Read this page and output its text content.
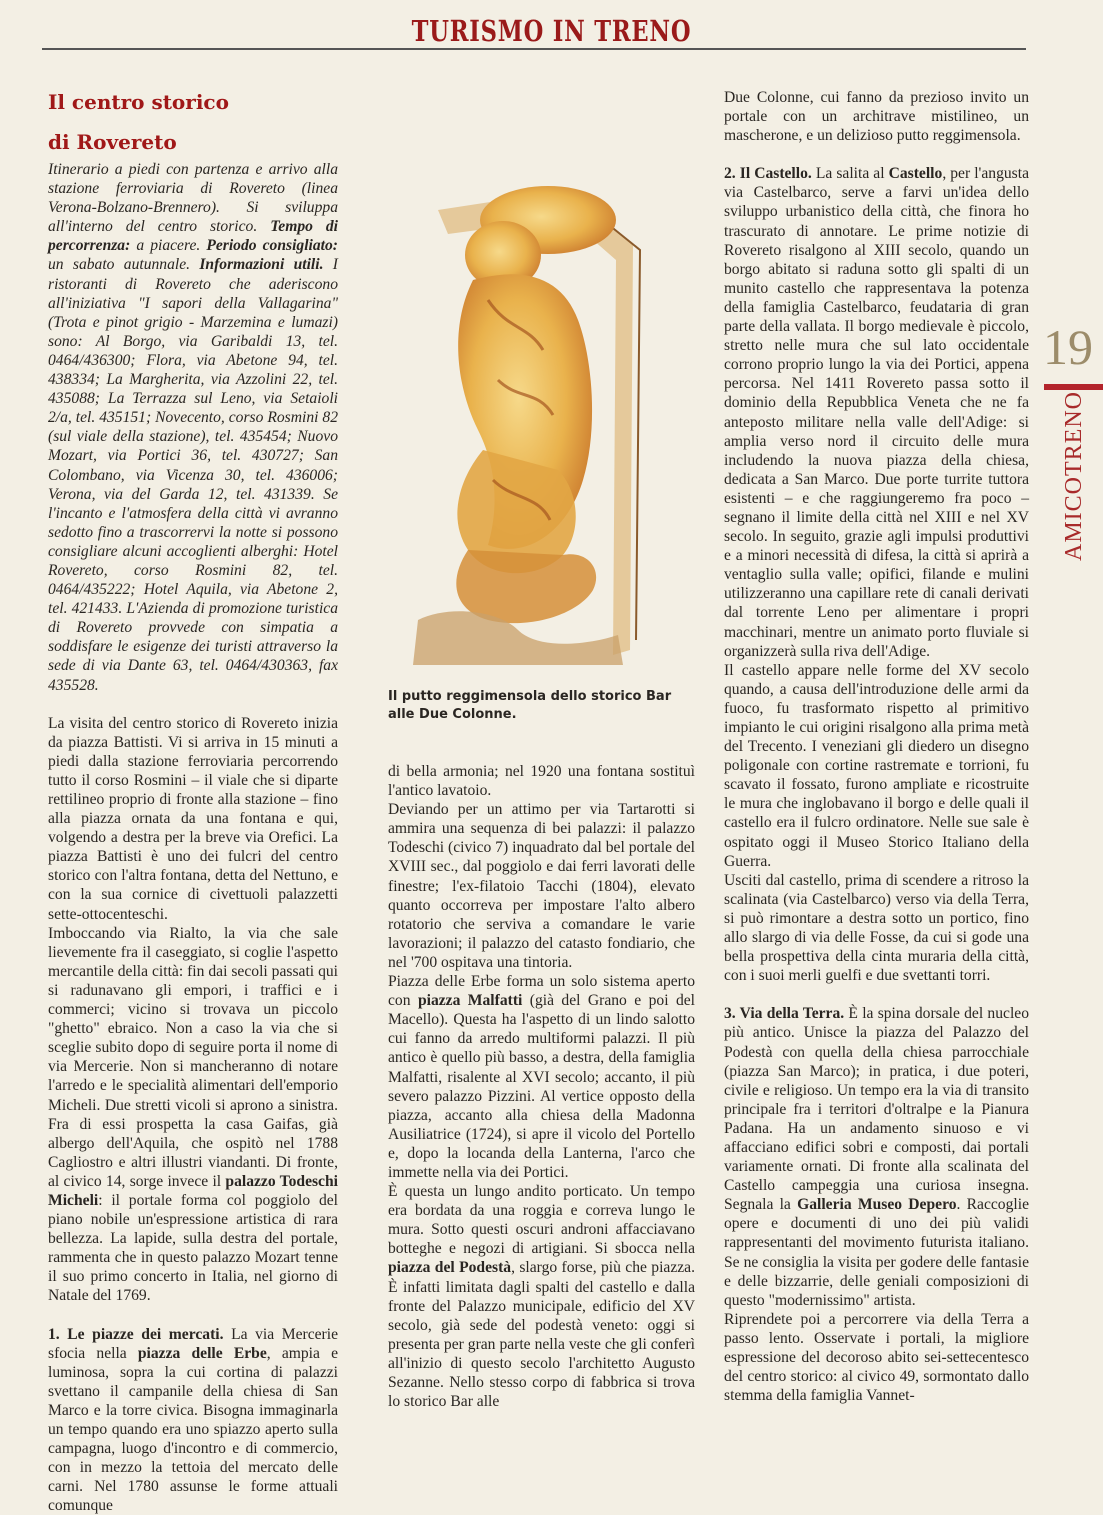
TURISMO IN TRENO
Il centro storico
di Rovereto

Itinerario a piedi con partenza e arrivo alla stazione ferroviaria di Rovereto (linea Verona-Bolzano-Brennero). Si sviluppa all'interno del centro storico. Tempo di percorrenza: a piacere. Periodo consigliato: un sabato autunnale. Informazioni utili. I ristoranti di Rovereto che aderiscono all'iniziativa "I sapori della Vallagarina" (Trota e pinot grigio - Marzemina e lumazi) sono: Al Borgo, via Garibaldi 13, tel. 0464/436300; Flora, via Abetone 94, tel. 438334; La Margherita, via Azzolini 22, tel. 435088; La Terrazza sul Leno, via Setaioli 2/a, tel. 435151; Novecento, corso Rosmini 82 (sul viale della stazione), tel. 435454; Nuovo Mozart, via Portici 36, tel. 430727; San Colombano, via Vicenza 30, tel. 436006; Verona, via del Garda 12, tel. 431339. Se l'incanto e l'atmosfera della città vi avranno sedotto fino a trascorrervi la notte si possono consigliare alcuni accoglienti alberghi: Hotel Rovereto, corso Rosmini 82, tel. 0464/435222; Hotel Aquila, via Abetone 2, tel. 421433. L'Azienda di promozione turistica di Rovereto provvede con simpatia a soddisfare le esigenze dei turisti attraverso la sede di via Dante 63, tel. 0464/430363, fax 435528.

La visita del centro storico di Rovereto inizia da piazza Battisti. Vi si arriva in 15 minuti a piedi dalla stazione ferroviaria percorrendo tutto il corso Rosmini – il viale che si diparte rettilineo proprio di fronte alla stazione – fino alla piazza ornata da una fontana e qui, volgendo a destra per la breve via Orefici. La piazza Battisti è uno dei fulcri del centro storico con l'altra fontana, detta del Nettuno, e con la sua cornice di civettuoli palazzetti sette-ottocenteschi.

Imboccando via Rialto, la via che sale lievemente fra il caseggiato, si coglie l'aspetto mercantile della città: fin dai secoli passati qui si radunavano gli empori, i traffici e i commerci; vicino si trovava un piccolo "ghetto" ebraico. Non a caso la via che si sceglie subito dopo di seguire porta il nome di via Mercerie. Non si mancheranno di notare l'arredo e le specialità alimentari dell'emporio Micheli. Due stretti vicoli si aprono a sinistra. Fra di essi prospetta la casa Gaifas, già albergo dell'Aquila, che ospitò nel 1788 Cagliostro e altri illustri viandanti. Di fronte, al civico 14, sorge invece il palazzo Todeschi Micheli: il portale forma col poggiolo del piano nobile un'espressione artistica di rara bellezza. La lapide, sulla destra del portale, rammenta che in questo palazzo Mozart tenne il suo primo concerto in Italia, nel giorno di Natale del 1769.

1. Le piazze dei mercati. La via Mercerie sfocia nella piazza delle Erbe, ampia e luminosa, sopra la cui cortina di palazzi svettano il campanile della chiesa di San Marco e la torre civica. Bisogna immaginarla un tempo quando era uno spiazzo aperto sulla campagna, luogo d'incontro e di commercio, con in mezzo la tettoia del mercato delle carni. Nel 1780 assunse le forme attuali comunque

Il putto reggimensola dello storico Bar alle Due Colonne.

di bella armonia; nel 1920 una fontana sostituì l'antico lavatoio.

Deviando per un attimo per via Tartarotti si ammira una sequenza di bei palazzi: il palazzo Todeschi (civico 7) inquadrato dal bel portale del XVIII sec., dal poggiolo e dai ferri lavorati delle finestre; l'ex-filatoio Tacchi (1804), elevato quanto occorreva per impostare l'alto albero rotatorio che serviva a comandare le varie lavorazioni; il palazzo del catasto fondiario, che nel '700 ospitava una tintoria.

Piazza delle Erbe forma un solo sistema aperto con piazza Malfatti (già del Grano e poi del Macello). Questa ha l'aspetto di un lindo salotto cui fanno da arredo multiformi palazzi. Il più antico è quello più basso, a destra, della famiglia Malfatti, risalente al XVI secolo; accanto, il più severo palazzo Pizzini. Al vertice opposto della piazza, accanto alla chiesa della Madonna Ausiliatrice (1724), si apre il vicolo del Portello e, dopo la locanda della Lanterna, l'arco che immette nella via dei Portici.

È questa un lungo andito porticato. Un tempo era bordata da una roggia e correva lungo le mura. Sotto questi oscuri androni affacciavano botteghe e negozi di artigiani. Si sbocca nella piazza del Podestà, slargo forse, più che piazza. È infatti limitata dagli spalti del castello e dalla fronte del Palazzo municipale, edificio del XV secolo, già sede del podestà veneto: oggi si presenta per gran parte nella veste che gli conferì all'inizio di questo secolo l'architetto Augusto Sezanne. Nello stesso corpo di fabbrica si trova lo storico Bar alle

Due Colonne, cui fanno da prezioso invito un portale con un architrave mistilineo, un mascherone, e un delizioso putto reggimensola.

2. Il Castello. La salita al Castello, per l'angusta via Castelbarco, serve a farvi un'idea dello sviluppo urbanistico della città, che finora ho trascurato di annotare. Le prime notizie di Rovereto risalgono al XIII secolo, quando un borgo abitato si raduna sotto gli spalti di un munito castello che rappresentava la potenza della famiglia Castelbarco, feudataria di gran parte della vallata. Il borgo medievale è piccolo, stretto nelle mura che sul lato occidentale corrono proprio lungo la via dei Portici, appena percorsa. Nel 1411 Rovereto passa sotto il dominio della Repubblica Veneta che ne fa anteposto militare nella valle dell'Adige: si amplia verso nord il circuito delle mura includendo la nuova piazza della chiesa, dedicata a San Marco. Due porte turrite tuttora esistenti – e che raggiungeremo fra poco – segnano il limite della città nel XIII e nel XV secolo. In seguito, grazie agli impulsi produttivi e a minori necessità di difesa, la città si aprirà a ventaglio sulla valle; opifici, filande e mulini utilizzeranno una capillare rete di canali derivati dal torrente Leno per alimentare i propri macchinari, mentre un animato porto fluviale si organizzerà sulla riva dell'Adige.

Il castello appare nelle forme del XV secolo quando, a causa dell'introduzione delle armi da fuoco, fu trasformato rispetto al primitivo impianto le cui origini risalgono alla prima metà del Trecento. I veneziani gli diedero un disegno poligonale con cortine rastremate e torrioni, fu scavato il fossato, furono ampliate e ricostruite le mura che inglobavano il borgo e delle quali il castello era il fulcro ordinatore. Nelle sue sale è ospitato oggi il Museo Storico Italiano della Guerra.

Usciti dal castello, prima di scendere a ritroso la scalinata (via Castelbarco) verso via della Terra, si può rimontare a destra sotto un portico, fino allo slargo di via delle Fosse, da cui si gode una bella prospettiva della cinta muraria della città, con i suoi merli guelfi e due svettanti torri.

3. Via della Terra. È la spina dorsale del nucleo più antico. Unisce la piazza del Palazzo del Podestà con quella della chiesa parrocchiale (piazza San Marco); in pratica, i due poteri, civile e religioso. Un tempo era la via di transito principale fra i territori d'oltralpe e la Pianura Padana. Ha un andamento sinuoso e vi affacciano edifici sobri e composti, dai portali variamente ornati. Di fronte alla scalinata del Castello campeggia una curiosa insegna. Segnala la Galleria Museo Depero. Raccoglie opere e documenti di uno dei più validi rappresentanti del movimento futurista italiano. Se ne consiglia la visita per godere delle fantasie e delle bizzarrie, delle geniali composizioni di questo "modernissimo" artista.

Riprendete poi a percorrere via della Terra a passo lento. Osservate i portali, la migliore espressione del decoroso abito sei-settecentesco del centro storico: al civico 49, sormontato dallo stemma della famiglia Vannet-

19
AMICOTRENO
